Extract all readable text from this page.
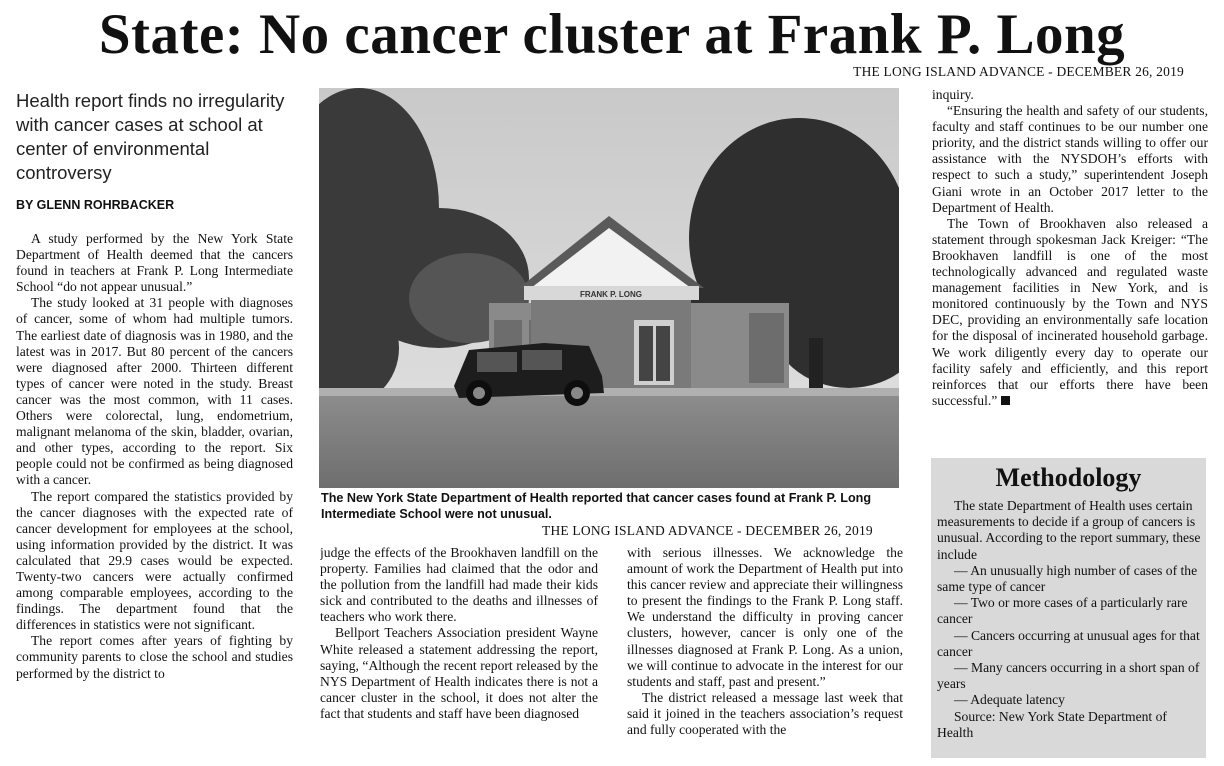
State: No cancer cluster at Frank P. Long
THE LONG ISLAND ADVANCE - DECEMBER 26, 2019
Health report finds no irregularity with cancer cases at school at center of environmental controversy
BY GLENN ROHRBACKER

A study performed by the New York State Department of Health deemed that the cancers found in teachers at Frank P. Long Intermediate School “do not appear unusual.”

The study looked at 31 people with diagnoses of cancer, some of whom had multiple tumors. The earliest date of diagnosis was in 1980, and the latest was in 2017. But 80 percent of the cancers were diagnosed after 2000. Thirteen different types of cancer were noted in the study. Breast cancer was the most common, with 11 cases. Others were colorectal, lung, endometrium, malignant melanoma of the skin, bladder, ovarian, and other types, according to the report. Six people could not be confirmed as being diagnosed with a cancer.

The report compared the statistics provided by the cancer diagnoses with the expected rate of cancer development for employees at the school, using information provided by the district. It was calculated that 29.9 cases would be expected. Twenty-two cancers were actually confirmed among comparable employees, according to the findings. The department found that the differences in statistics were not significant.

The report comes after years of fighting by community parents to close the school and studies performed by the district to

FRANK P. LONG
The New York State Department of Health reported that cancer cases found at Frank P. Long Intermediate School were not unusual.
THE LONG ISLAND ADVANCE - DECEMBER 26, 2019

judge the effects of the Brookhaven landfill on the property. Families had claimed that the odor and the pollution from the landfill had made their kids sick and contributed to the deaths and illnesses of teachers who work there.

Bellport Teachers Association president Wayne White released a statement addressing the report, saying, “Although the recent report released by the NYS Department of Health indicates there is not a cancer cluster in the school, it does not alter the fact that students and staff have been diagnosed

with serious illnesses. We acknowledge the amount of work the Department of Health put into this cancer review and appreciate their willingness to present the findings to the Frank P. Long staff. We understand the difficulty in proving cancer clusters, however, cancer is only one of the illnesses diagnosed at Frank P. Long. As a union, we will continue to advocate in the interest for our students and staff, past and present.”

The district released a message last week that said it joined in the teachers association’s request and fully cooperated with the

inquiry.

“Ensuring the health and safety of our students, faculty and staff continues to be our number one priority, and the district stands willing to offer our assistance with the NYSDOH’s efforts with respect to such a study,” superintendent Joseph Giani wrote in an October 2017 letter to the Department of Health.

The Town of Brookhaven also released a statement through spokesman Jack Kreiger: “The Brookhaven landfill is one of the most technologically advanced and regulated waste management facilities in New York, and is monitored continuously by the Town and NYS DEC, providing an environmentally safe location for the disposal of incinerated household garbage. We work diligently every day to operate our facility safely and efficiently, and this report reinforces that our efforts there have been successful.”

Methodology

The state Department of Health uses certain measurements to decide if a group of cancers is unusual. According to the report summary, these include

— An unusually high number of cases of the same type of cancer

— Two or more cases of a particularly rare cancer

— Cancers occurring at unusual ages for that cancer

— Many cancers occurring in a short span of years

— Adequate latency

Source: New York State Department of Health
